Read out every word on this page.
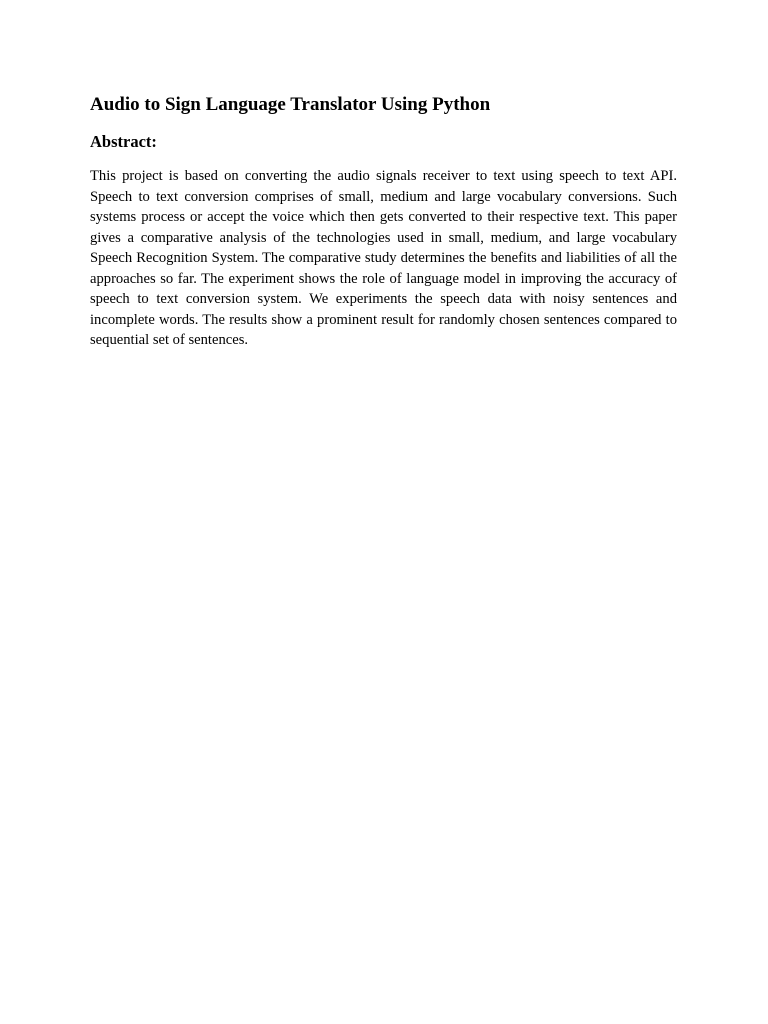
Audio to Sign Language Translator Using Python
Abstract:

This project is based on converting the audio signals receiver to text using speech to text API. Speech to text conversion comprises of small, medium and large vocabulary conversions. Such systems process or accept the voice which then gets converted to their respective text. This paper gives a comparative analysis of the technologies used in small, medium, and large vocabulary Speech Recognition System. The comparative study determines the benefits and liabilities of all the approaches so far. The experiment shows the role of language model in improving the accuracy of speech to text conversion system. We experiments the speech data with noisy sentences and incomplete words. The results show a prominent result for randomly chosen sentences compared to sequential set of sentences.
